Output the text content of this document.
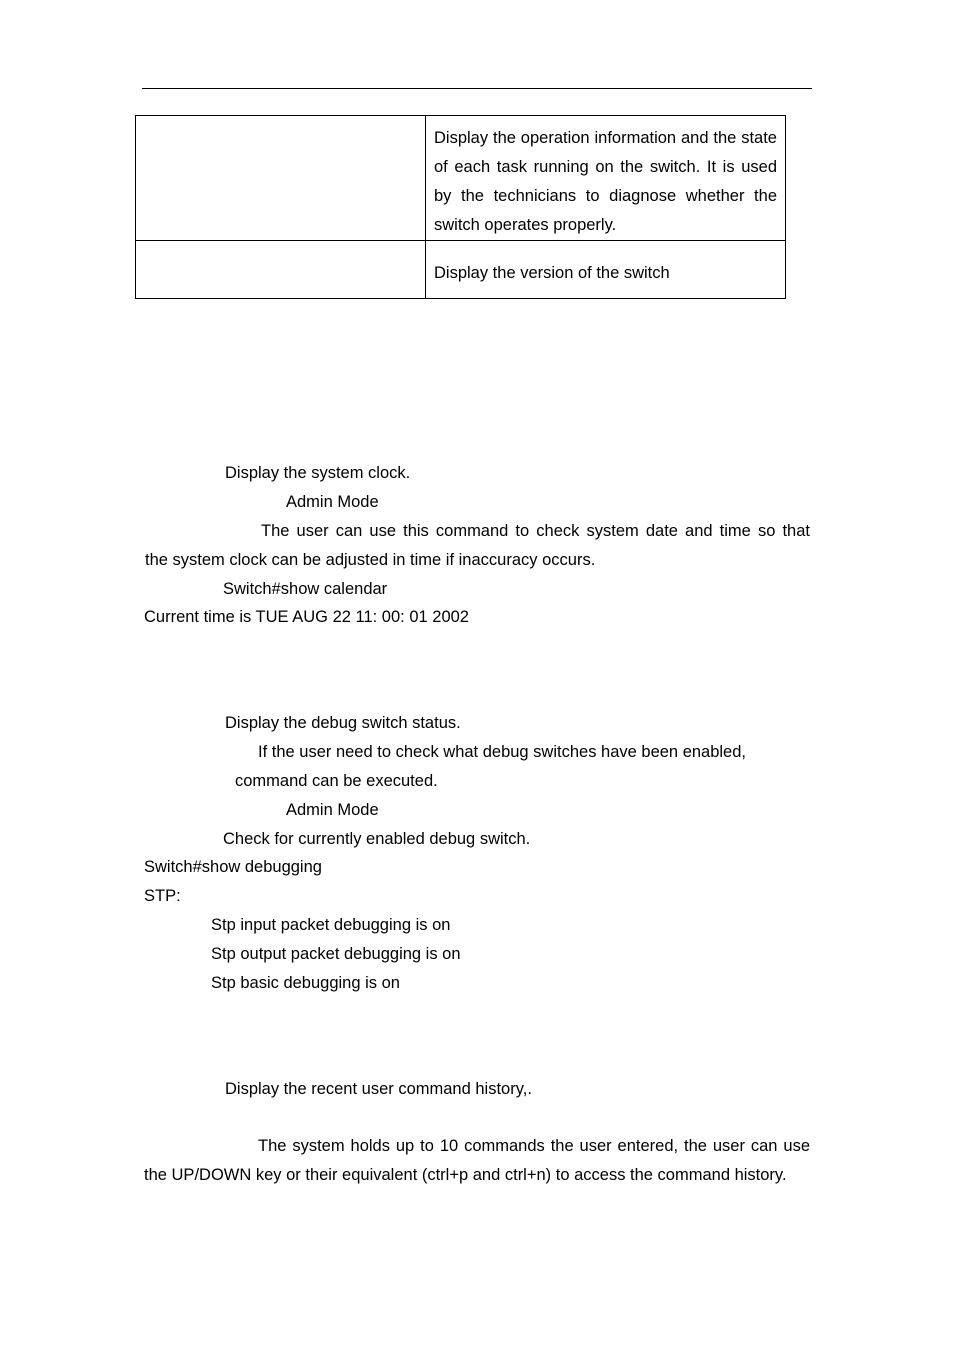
	Display the operation information and the state of each task running on the switch. It is used by the technicians to diagnose whether the switch operates properly.

	Display the version of the switch
Display the system clock.
Admin Mode
The user can use this command to check system date and time so that
the system clock can be adjusted in time if inaccuracy occurs.
Switch#show calendar
Current time is TUE AUG 22 11: 00: 01 2002
Display the debug switch status.
If the user need to check what debug switches have been enabled,
command can be executed.
Admin Mode
Check for currently enabled debug switch.
Switch#show debugging
STP:
Stp input packet debugging is on
Stp output packet debugging is on
Stp basic debugging is on
Display the recent user command history,.
The system holds up to 10 commands the user entered, the user can use
the UP/DOWN key or their equivalent (ctrl+p and ctrl+n) to access the command history.
